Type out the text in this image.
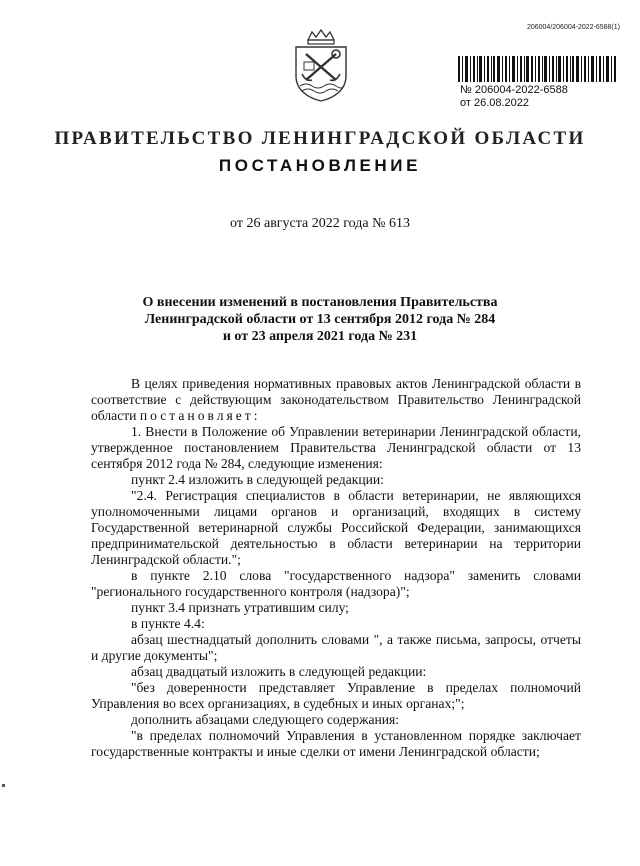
206004/206004-2022-6588(1)
№ 206004-2022-6588
от 26.08.2022
ПРАВИТЕЛЬСТВО ЛЕНИНГРАДСКОЙ ОБЛАСТИ
ПОСТАНОВЛЕНИЕ
от 26 августа 2022 года № 613
О внесении изменений в постановления Правительства
Ленинградской области от 13 сентября 2012 года № 284
и от 23 апреля 2021 года № 231

В целях приведения нормативных правовых актов Ленинградской области в соответствие с действующим законодательством Правительство Ленинградской области постановляет:

1. Внести в Положение об Управлении ветеринарии Ленинградской области, утвержденное постановлением Правительства Ленинградской области от 13 сентября 2012 года № 284, следующие изменения:

пункт 2.4 изложить в следующей редакции:

"2.4. Регистрация специалистов в области ветеринарии, не являющихся уполномоченными лицами органов и организаций, входящих в систему Государственной ветеринарной службы Российской Федерации, занимающихся предпринимательской деятельностью в области ветеринарии на территории Ленинградской области.";

в пункте 2.10 слова "государственного надзора" заменить словами "регионального государственного контроля (надзора)";

пункт 3.4 признать утратившим силу;

в пункте 4.4:

абзац шестнадцатый дополнить словами ", а также письма, запросы, отчеты и другие документы";

абзац двадцатый изложить в следующей редакции:

"без доверенности представляет Управление в пределах полномочий Управления во всех организациях, в судебных и иных органах;";

дополнить абзацами следующего содержания:

"в пределах полномочий Управления в установленном порядке заключает государственные контракты и иные сделки от имени Ленинградской области;
